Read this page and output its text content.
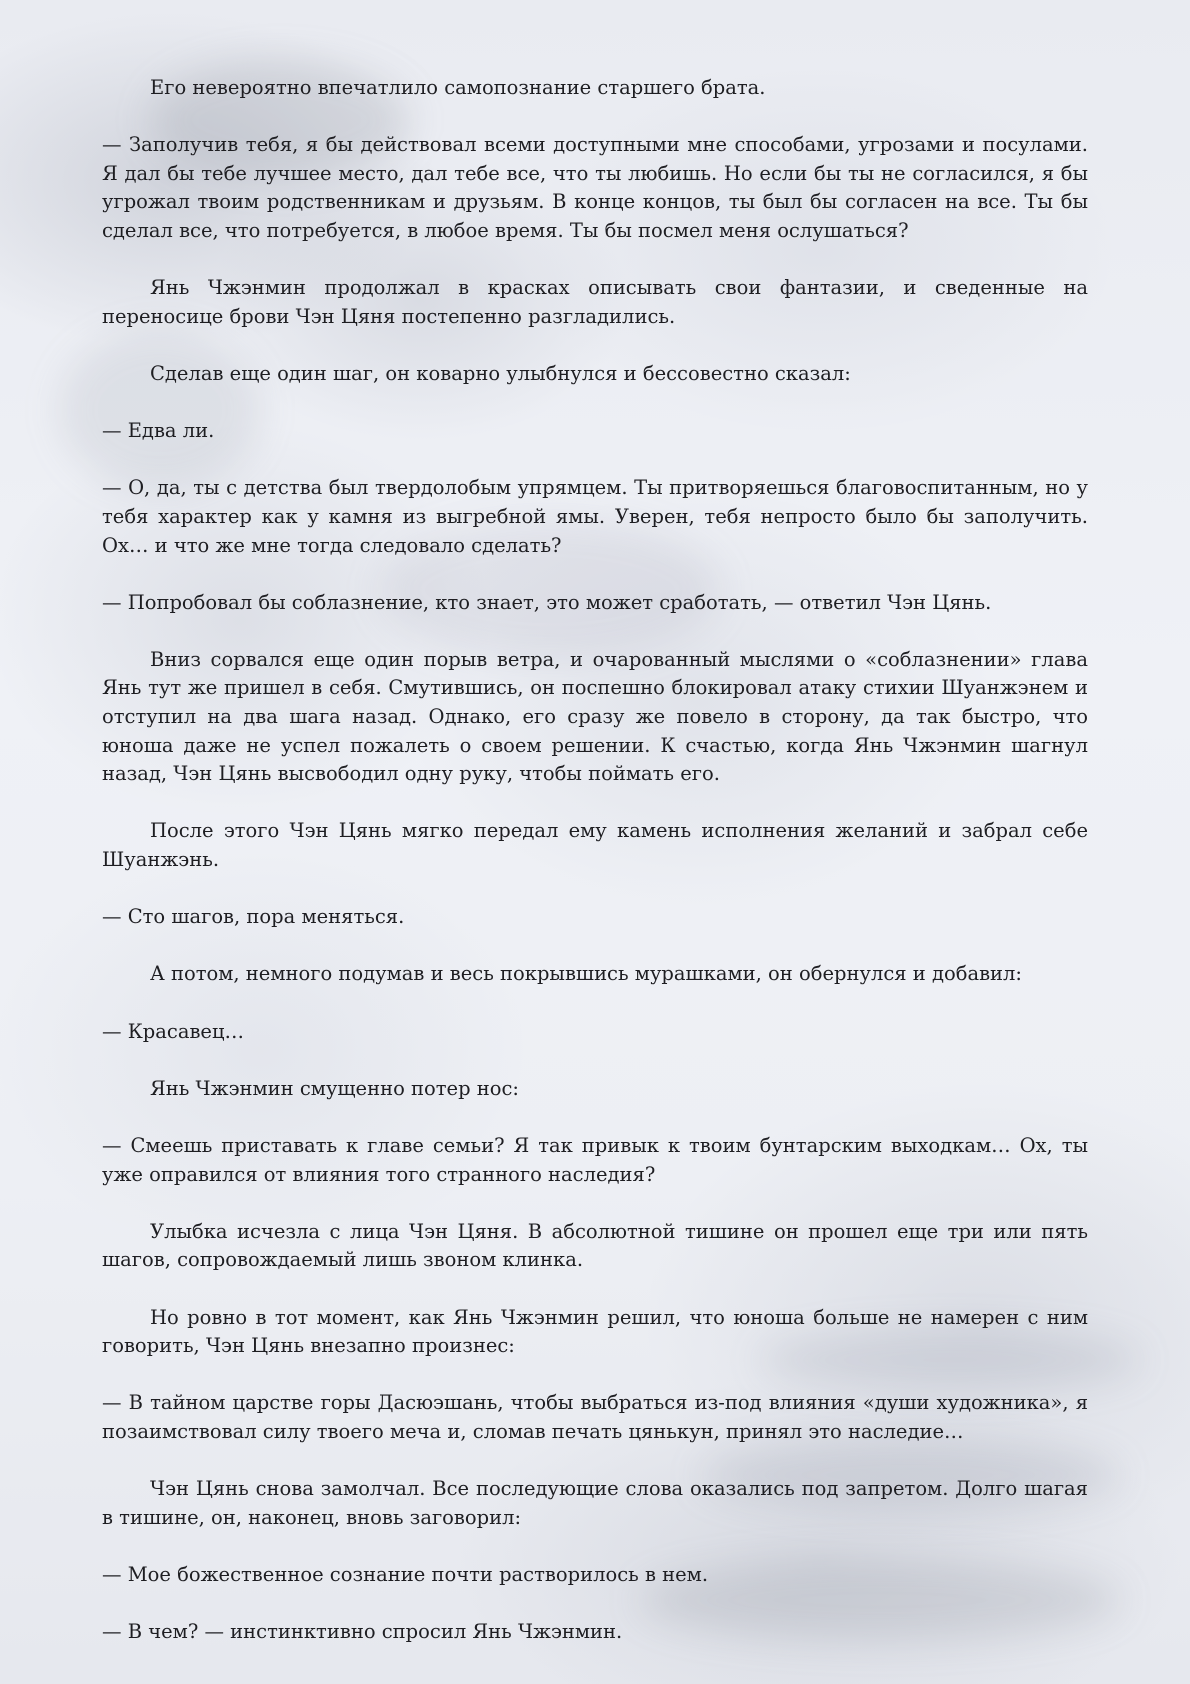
Его невероятно впечатлило самопознание старшего брата.

— Заполучив тебя, я бы действовал всеми доступными мне способами, угрозами и посулами. Я дал бы тебе лучшее место, дал тебе все, что ты любишь. Но если бы ты не согласился, я бы угрожал твоим родственникам и друзьям. В конце концов, ты был бы согласен на все. Ты бы сделал все, что потребуется, в любое время. Ты бы посмел меня ослушаться?

Янь Чжэнмин продолжал в красках описывать свои фантазии, и сведенные на переносице брови Чэн Цяня постепенно разгладились.

Сделав еще один шаг, он коварно улыбнулся и бессовестно сказал:

— Едва ли.

— О, да, ты с детства был твердолобым упрямцем. Ты притворяешься благовоспитанным, но у тебя характер как у камня из выгребной ямы. Уверен, тебя непросто было бы заполучить. Ох… и что же мне тогда следовало сделать?

— Попробовал бы соблазнение, кто знает, это может сработать, — ответил Чэн Цянь.

Вниз сорвался еще один порыв ветра, и очарованный мыслями о «соблазнении» глава Янь тут же пришел в себя. Смутившись, он поспешно блокировал атаку стихии Шуанжэнем и отступил на два шага назад. Однако, его сразу же повело в сторону, да так быстро, что юноша даже не успел пожалеть о своем решении. К счастью, когда Янь Чжэнмин шагнул назад, Чэн Цянь высвободил одну руку, чтобы поймать его.

После этого Чэн Цянь мягко передал ему камень исполнения желаний и забрал себе Шуанжэнь.

— Сто шагов, пора меняться.

А потом, немного подумав и весь покрывшись мурашками, он обернулся и добавил:

— Красавец…

Янь Чжэнмин смущенно потер нос:

— Смеешь приставать к главе семьи? Я так привык к твоим бунтарским выходкам… Ох, ты уже оправился от влияния того странного наследия?

Улыбка исчезла с лица Чэн Цяня. В абсолютной тишине он прошел еще три или пять шагов, сопровождаемый лишь звоном клинка.

Но ровно в тот момент, как Янь Чжэнмин решил, что юноша больше не намерен с ним говорить, Чэн Цянь внезапно произнес:

— В тайном царстве горы Дасюэшань, чтобы выбраться из-под влияния «души художника», я позаимствовал силу твоего меча и, сломав печать цянькун, принял это наследие…

Чэн Цянь снова замолчал. Все последующие слова оказались под запретом. Долго шагая в тишине, он, наконец, вновь заговорил:

— Мое божественное сознание почти растворилось в нем.

— В чем? — инстинктивно спросил Янь Чжэнмин.
